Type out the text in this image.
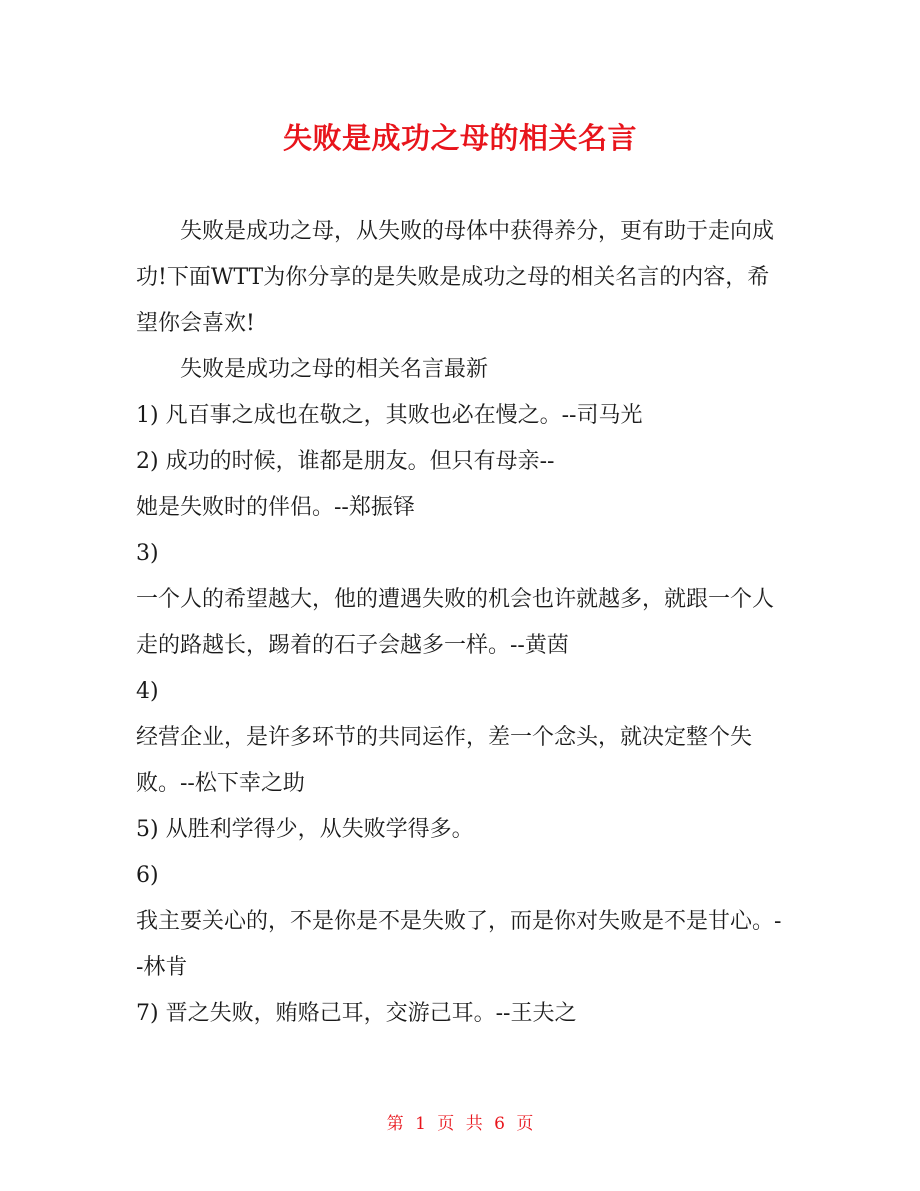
失败是成功之母的相关名言

失败是成功之母，从失败的母体中获得养分，更有助于走向成功!下面WTT为你分享的是失败是成功之母的相关名言的内容，希望你会喜欢!

失败是成功之母的相关名言最新

1) 凡百事之成也在敬之，其败也必在慢之。--司马光

2) 成功的时候，谁都是朋友。但只有母亲--

她是失败时的伴侣。--郑振铎

3)

一个人的希望越大，他的遭遇失败的机会也许就越多，就跟一个人走的路越长，踢着的石子会越多一样。--黄茵

4)

经营企业，是许多环节的共同运作，差一个念头，就决定整个失败。--松下幸之助

5) 从胜利学得少，从失败学得多。

6)

我主要关心的，不是你是不是失败了，而是你对失败是不是甘心。--林肯

7) 晋之失败，贿赂己耳，交游己耳。--王夫之

第 1 页 共 6 页
